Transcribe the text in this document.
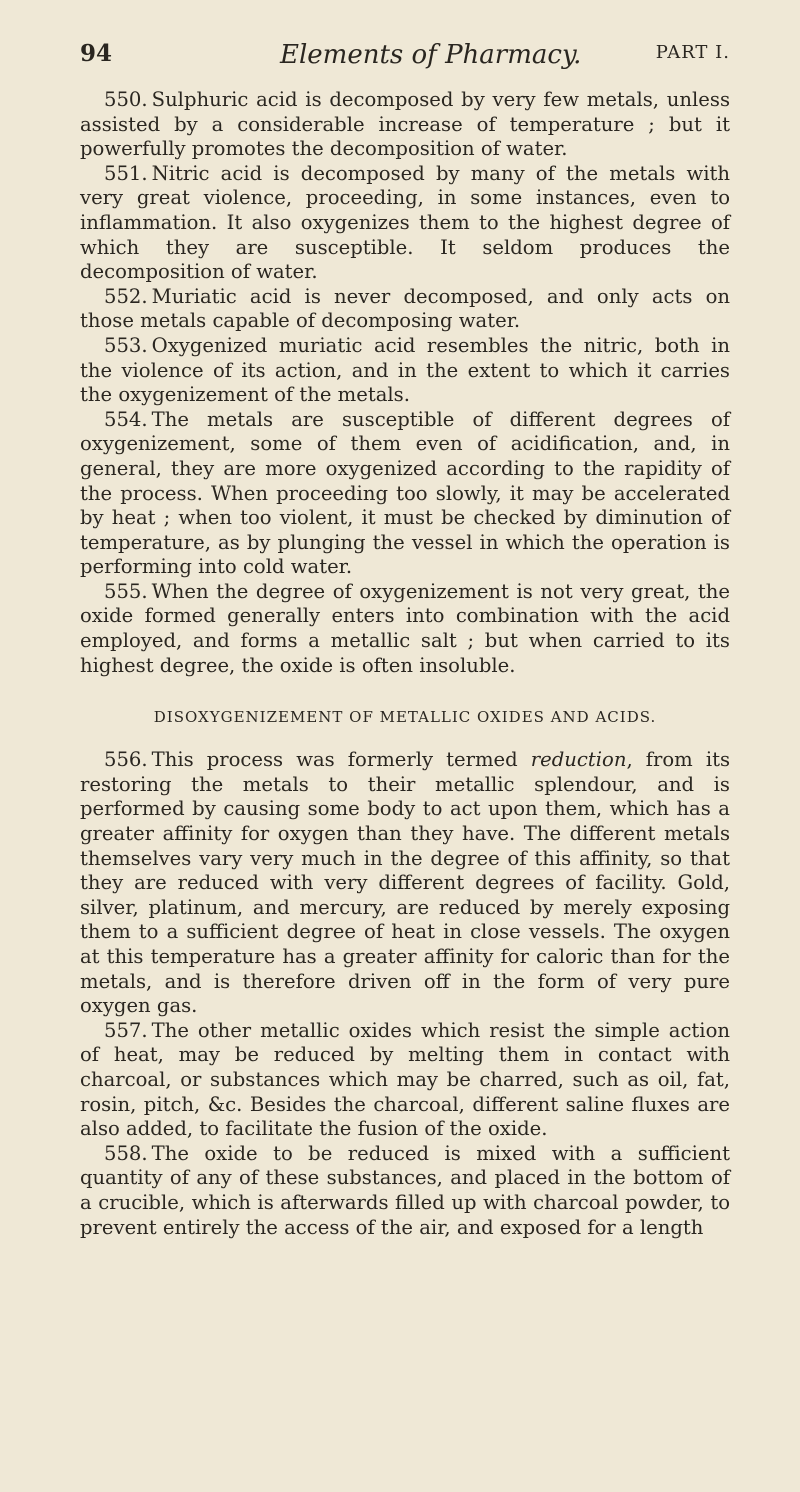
94	Elements of Pharmacy.	PART I.

550. Sulphuric acid is decomposed by very few metals, unless assisted by a considerable increase of temperature ; but it powerfully promotes the decomposition of water.

551. Nitric acid is decomposed by many of the metals with very great violence, proceeding, in some instances, even to inflammation. It also oxygenizes them to the highest degree of which they are susceptible. It seldom produces the decomposition of water.

552. Muriatic acid is never decomposed, and only acts on those metals capable of decomposing water.

553. Oxygenized muriatic acid resembles the nitric, both in the violence of its action, and in the extent to which it carries the oxygenizement of the metals.

554. The metals are susceptible of different degrees of oxygenizement, some of them even of acidification, and, in general, they are more oxygenized according to the rapidity of the process. When proceeding too slowly, it may be accelerated by heat ; when too violent, it must be checked by diminution of temperature, as by plunging the vessel in which the operation is performing into cold water.

555. When the degree of oxygenizement is not very great, the oxide formed generally enters into combination with the acid employed, and forms a metallic salt ; but when carried to its highest degree, the oxide is often insoluble.

DISOXYGENIZEMENT OF METALLIC OXIDES AND ACIDS.

556. This process was formerly termed reduction, from its restoring the metals to their metallic splendour, and is performed by causing some body to act upon them, which has a greater affinity for oxygen than they have. The different metals themselves vary very much in the degree of this affinity, so that they are reduced with very different degrees of facility. Gold, silver, platinum, and mercury, are reduced by merely exposing them to a sufficient degree of heat in close vessels. The oxygen at this temperature has a greater affinity for caloric than for the metals, and is therefore driven off in the form of very pure oxygen gas.

557. The other metallic oxides which resist the simple action of heat, may be reduced by melting them in contact with charcoal, or substances which may be charred, such as oil, fat, rosin, pitch, &c. Besides the charcoal, different saline fluxes are also added, to facilitate the fusion of the oxide.

558. The oxide to be reduced is mixed with a sufficient quantity of any of these substances, and placed in the bottom of a crucible, which is afterwards filled up with charcoal powder, to prevent entirely the access of the air, and exposed for a length
